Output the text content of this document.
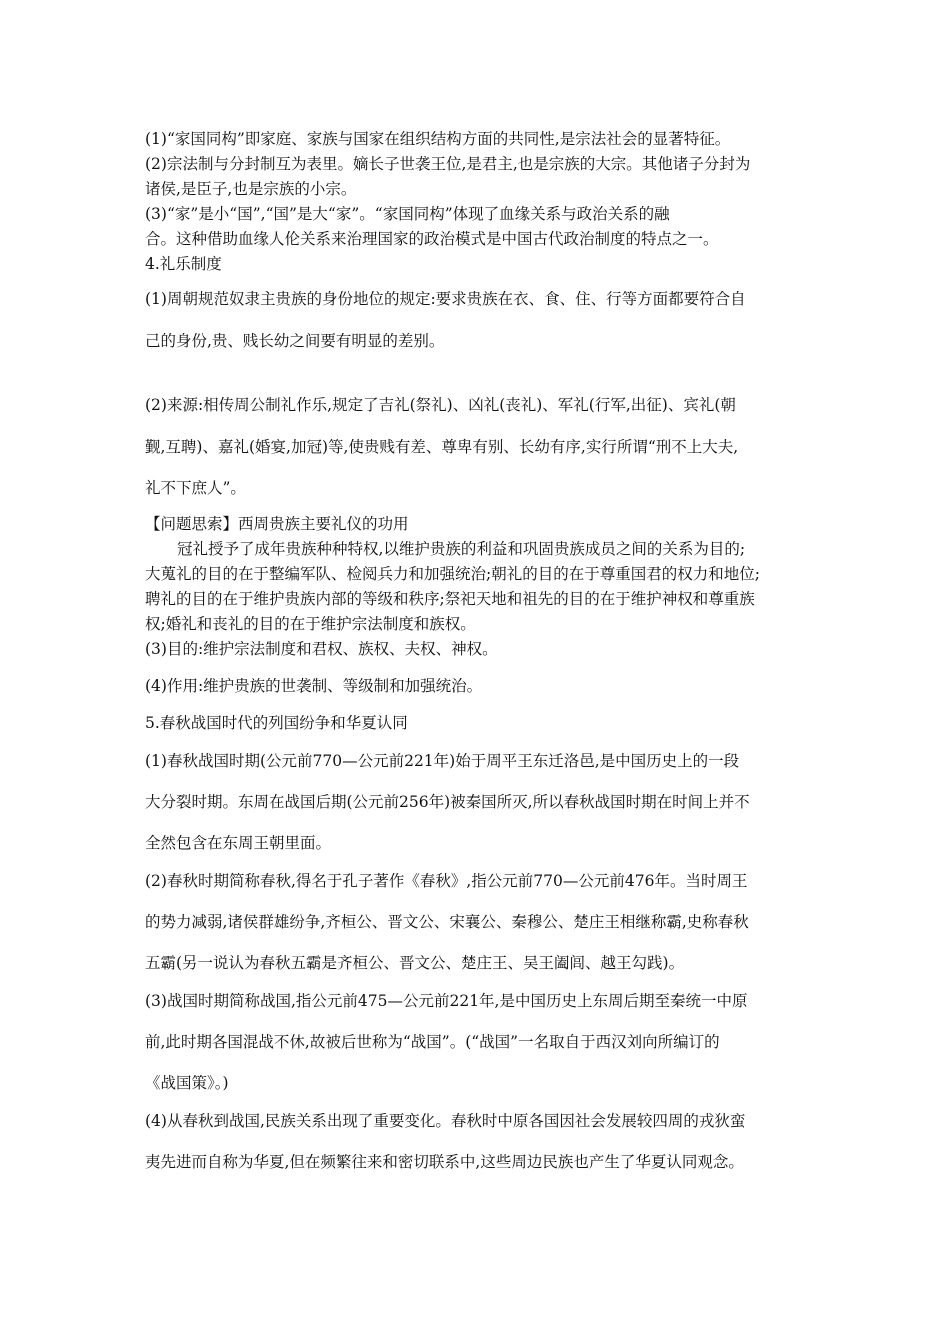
(1)“家国同构”即家庭、家族与国家在组织结构方面的共同性,是宗法社会的显著特征。
(2)宗法制与分封制互为表里。嫡长子世袭王位,是君主,也是宗族的大宗。其他诸子分封为
诸侯,是臣子,也是宗族的小宗。
(3)“家”是小“国”,“国”是大“家”。“家国同构”体现了血缘关系与政治关系的融
合。这种借助血缘人伦关系来治理国家的政治模式是中国古代政治制度的特点之一。
4.礼乐制度
(1)周朝规范奴隶主贵族的身份地位的规定:要求贵族在衣、食、住、行等方面都要符合自
己的身份,贵、贱长幼之间要有明显的差别。
(2)来源:相传周公制礼作乐,规定了吉礼(祭礼)、凶礼(丧礼)、军礼(行军,出征)、宾礼(朝
觐,互聘)、嘉礼(婚宴,加冠)等,使贵贱有差、尊卑有别、长幼有序,实行所谓“刑不上大夫,
礼不下庶人”。
【问题思索】西周贵族主要礼仪的功用
冠礼授予了成年贵族种种特权,以维护贵族的利益和巩固贵族成员之间的关系为目的;
大蒐礼的目的在于整编军队、检阅兵力和加强统治;朝礼的目的在于尊重国君的权力和地位;
聘礼的目的在于维护贵族内部的等级和秩序;祭祀天地和祖先的目的在于维护神权和尊重族
权;婚礼和丧礼的目的在于维护宗法制度和族权。
(3)目的:维护宗法制度和君权、族权、夫权、神权。
(4)作用:维护贵族的世袭制、等级制和加强统治。
5.春秋战国时代的列国纷争和华夏认同
(1)春秋战国时期(公元前770—公元前221年)始于周平王东迁洛邑,是中国历史上的一段
大分裂时期。东周在战国后期(公元前256年)被秦国所灭,所以春秋战国时期在时间上并不
全然包含在东周王朝里面。
(2)春秋时期简称春秋,得名于孔子著作《春秋》,指公元前770—公元前476年。当时周王
的势力减弱,诸侯群雄纷争,齐桓公、晋文公、宋襄公、秦穆公、楚庄王相继称霸,史称春秋
五霸(另一说认为春秋五霸是齐桓公、晋文公、楚庄王、吴王阖闾、越王勾践)。
(3)战国时期简称战国,指公元前475—公元前221年,是中国历史上东周后期至秦统一中原
前,此时期各国混战不休,故被后世称为“战国”。(“战国”一名取自于西汉刘向所编订的
《战国策》。)
(4)从春秋到战国,民族关系出现了重要变化。春秋时中原各国因社会发展较四周的戎狄蛮
夷先进而自称为华夏,但在频繁往来和密切联系中,这些周边民族也产生了华夏认同观念。
